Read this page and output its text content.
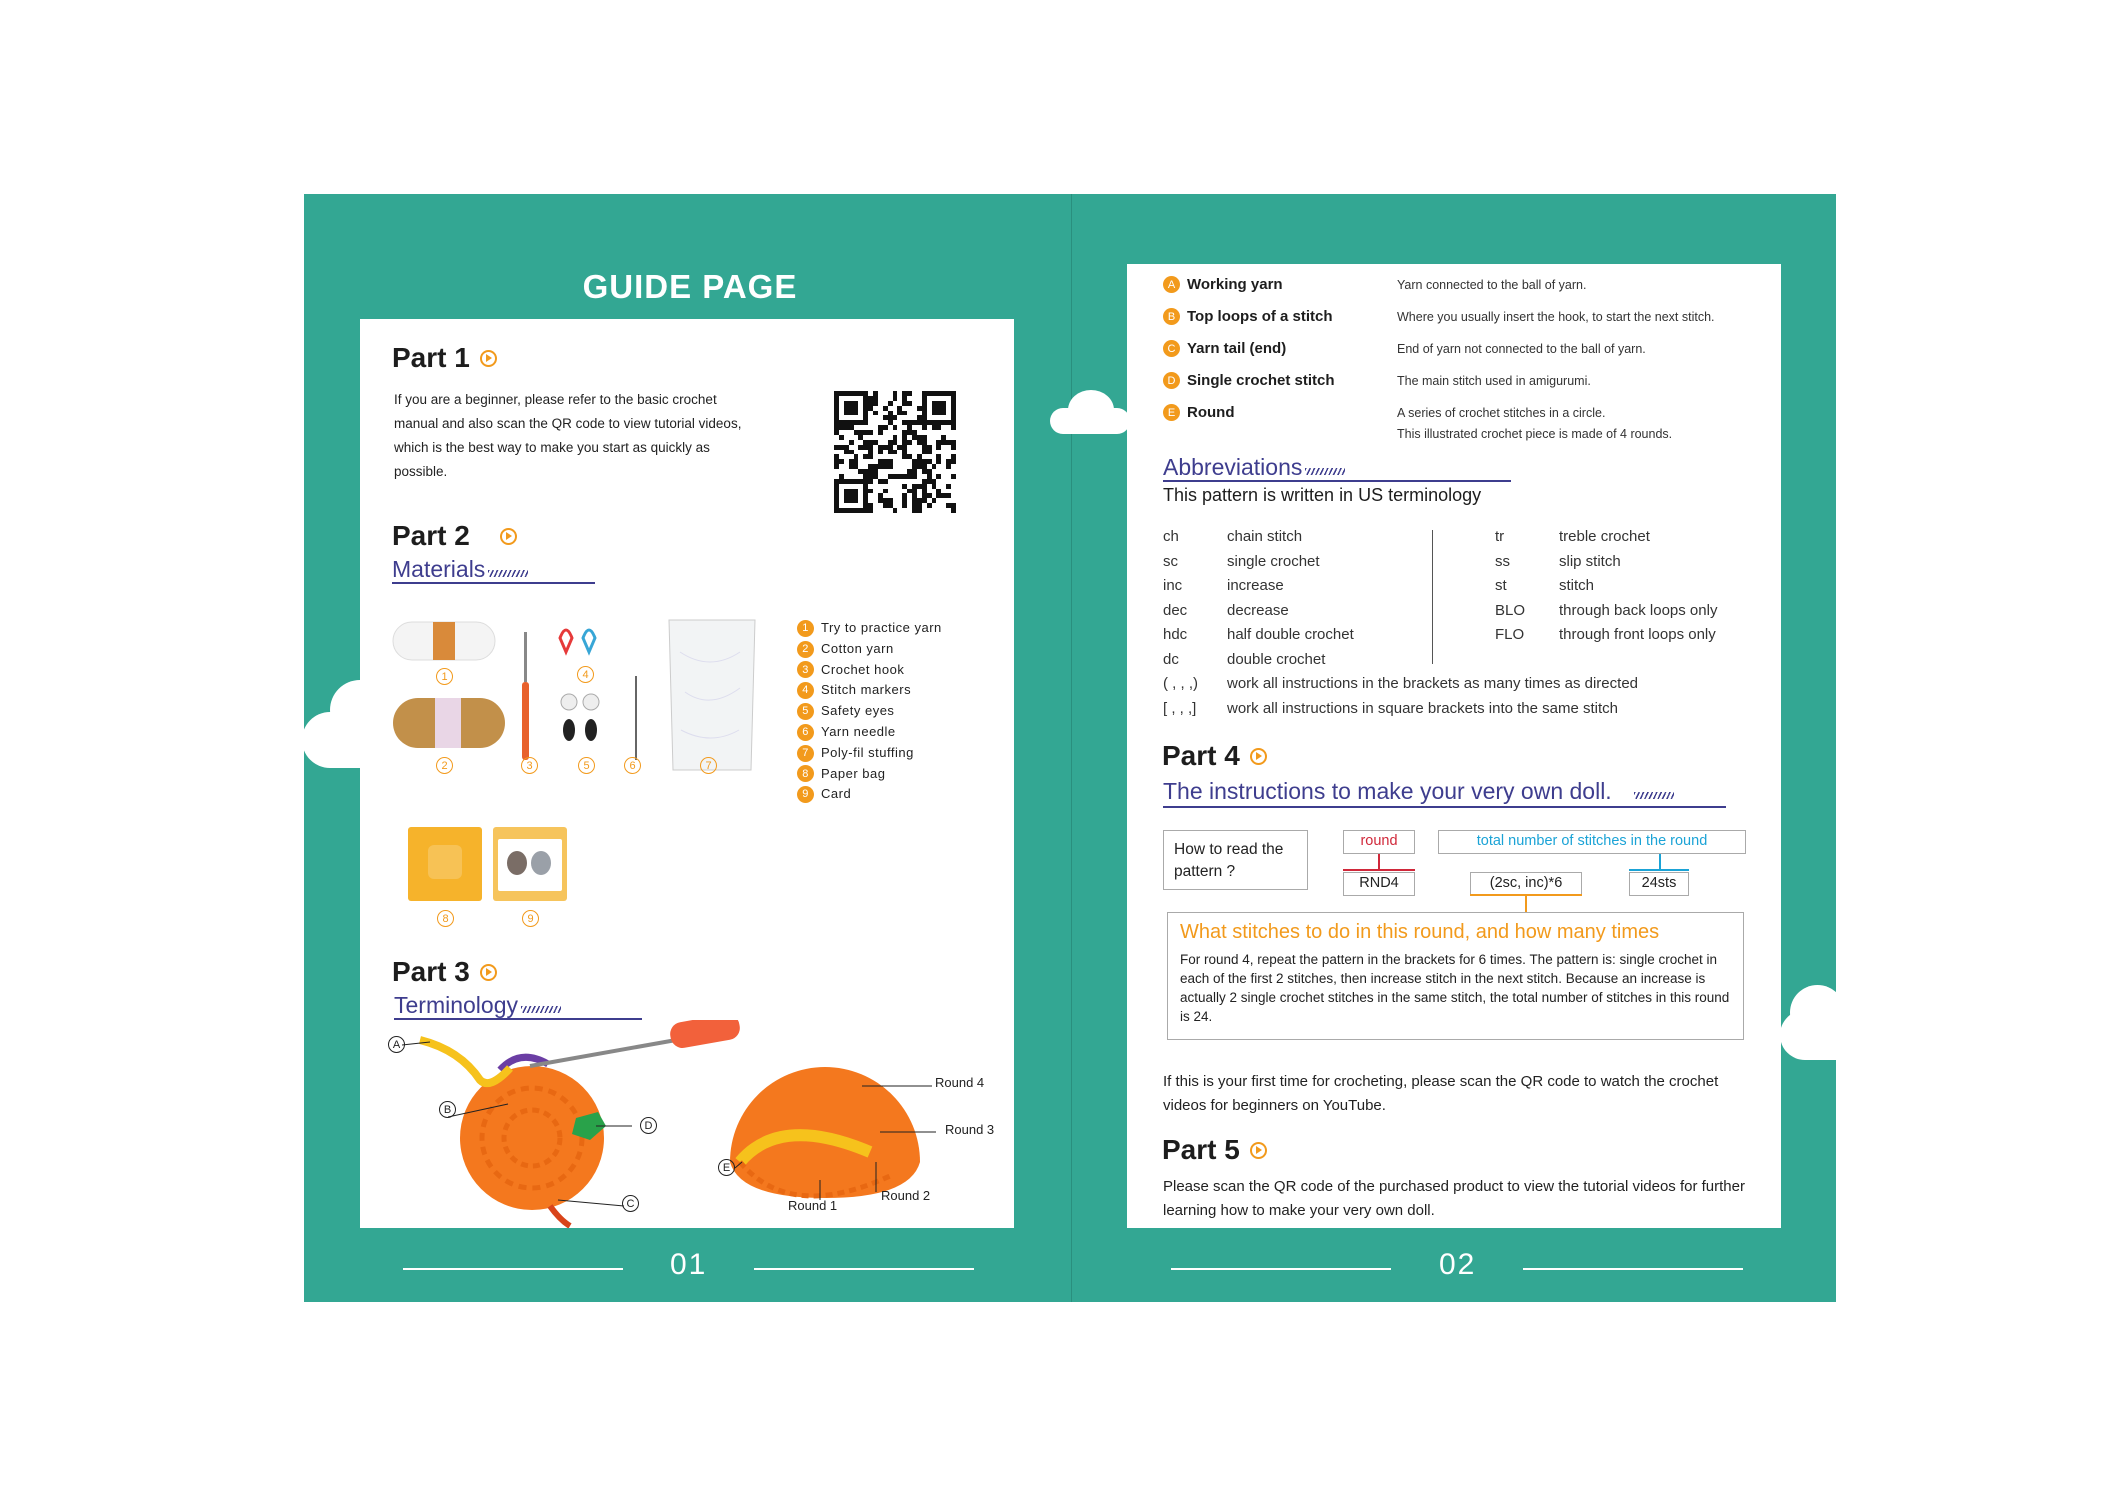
GUIDE PAGE
Part 1
If you are a beginner, please refer to the basic crochet manual and also scan the QR code to view tutorial videos, which is the best way to make you start as quickly as possible.
Part 2
Materials
1	4
2	3	5	6	7
8	9
1 Try to practice yarn
2 Cotton yarn
3 Crochet hook
4 Stitch markers
5 Safety eyes
6 Yarn needle
7 Poly-fil stuffing
8 Paper bag
9 Card
Part 3
Terminology
A
B
C
D
E
Round 4
Round 3
Round 2
Round 1
01
A Working yarn	Yarn connected to the ball of yarn.
B Top loops of a stitch	Where you usually insert the hook, to start the next stitch.
C Yarn tail (end)	End of yarn not connected to the ball of yarn.
D Single crochet stitch	The main stitch used in amigurumi.
E Round	A series of crochet stitches in a circle.
This illustrated crochet piece is made of 4 rounds.
Abbreviations
This pattern is written in US terminology
ch	chain stitch
sc	single crochet
inc	increase
dec	decrease
hdc	half double crochet
dc	double crochet
( , , ,)	work all instructions in the brackets as many times as directed
[ , , ,]	work all instructions in square brackets into the same stitch
tr	treble crochet
ss	slip stitch
st	stitch
BLO	through back loops only
FLO	through front loops only
Part 4
The instructions to make your very own doll.
How to read the pattern ?
round
RND4
total number of stitches in the round
24sts
(2sc, inc)*6
What stitches to do in this round, and how many times
For round 4, repeat the pattern in the brackets for 6 times. The pattern is: single crochet in each of the first 2 stitches, then increase stitch in the next stitch. Because an increase is actually 2 single crochet stitches in the same stitch, the total number of stitches in this round is 24.
If this is your first time for crocheting, please scan the QR code to watch the crochet videos for beginners on YouTube.
Part 5
Please scan the QR code of the purchased product to view the tutorial videos for further learning how to make your very own doll.
02
